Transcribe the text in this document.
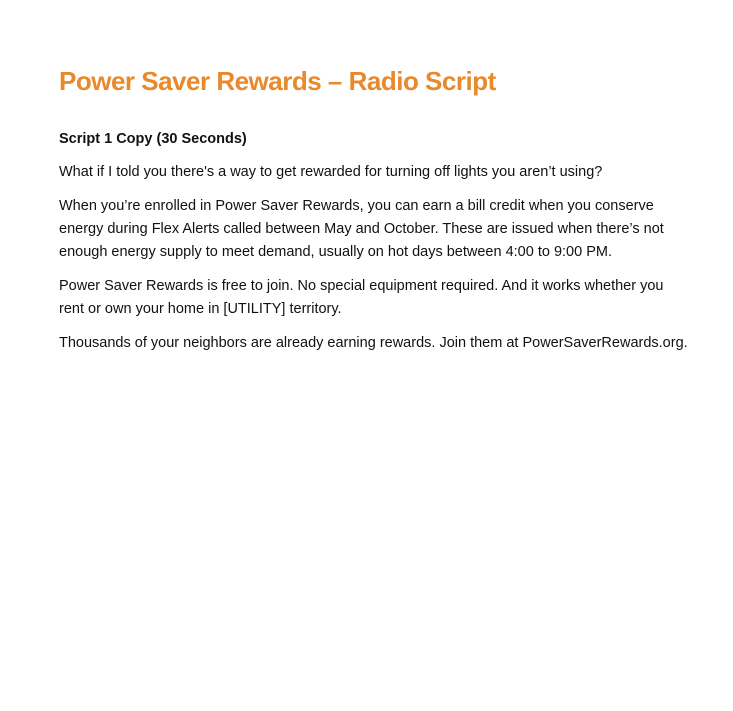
Power Saver Rewards – Radio Script
Script 1 Copy (30 Seconds)

What if I told you there's a way to get rewarded for turning off lights you aren’t using?

When you’re enrolled in Power Saver Rewards, you can earn a bill credit when you conserve energy during Flex Alerts called between May and October. These are issued when there’s not enough energy supply to meet demand, usually on hot days between 4:00 to 9:00 PM.

Power Saver Rewards is free to join. No special equipment required. And it works whether you rent or own your home in [UTILITY] territory.

Thousands of your neighbors are already earning rewards. Join them at PowerSaverRewards.org.
